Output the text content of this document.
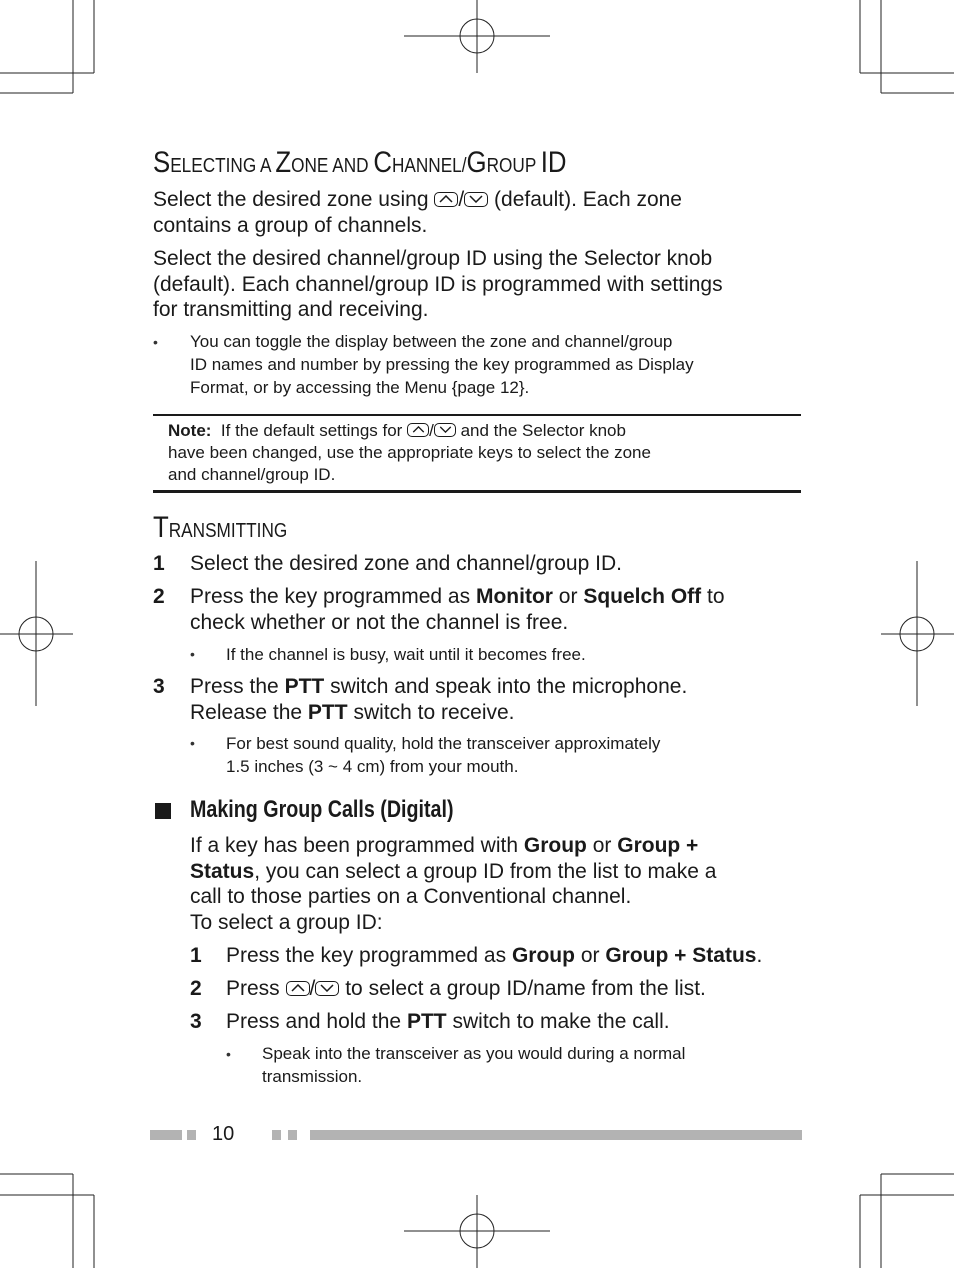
SELECTING A ZONE AND CHANNEL/GROUP ID

Select the desired zone using / (default). Each zone
contains a group of channels.

Select the desired channel/group ID using the Selector knob
(default). Each channel/group ID is programmed with settings
for transmitting and receiving.

• You can toggle the display between the zone and channel/group
ID names and number by pressing the key programmed as Display
Format, or by accessing the Menu {page 12}.

Note: If the default settings for / and the Selector knob
have been changed, use the appropriate keys to select the zone
and channel/group ID.

TRANSMITTING
1 Select the desired zone and channel/group ID.

2 Press the key programmed as Monitor or Squelch Off to
check whether or not the channel is free.

• If the channel is busy, wait until it becomes free.

3 Press the PTT switch and speak into the microphone.
Release the PTT switch to receive.

• For best sound quality, hold the transceiver approximately
1.5 inches (3 ~ 4 cm) from your mouth.

Making Group Calls (Digital)

If a key has been programmed with Group or Group +
Status, you can select a group ID from the list to make a
call to those parties on a Conventional channel.
To select a group ID:

1 Press the key programmed as Group or Group + Status.

2 Press / to select a group ID/name from the list.

3 Press and hold the PTT switch to make the call.

• Speak into the transceiver as you would during a normal
transmission.

10
